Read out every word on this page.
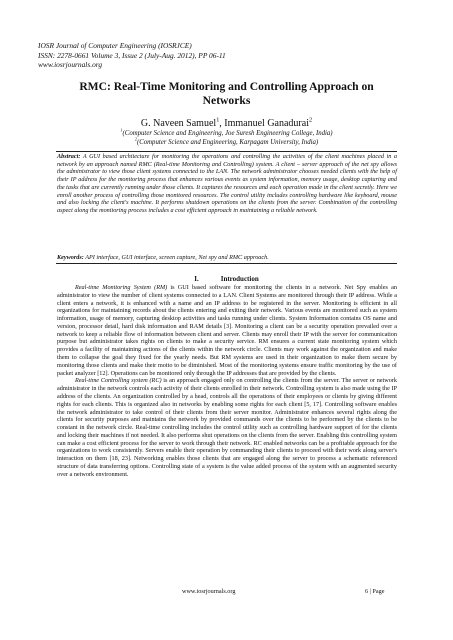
IOSR Journal of Computer Engineering (IOSRJCE)
ISSN: 2278-0661 Volume 3, Issue 2 (July-Aug. 2012), PP 06-11
www.iosrjournals.org
RMC: Real-Time Monitoring and Controlling Approach on
Networks
G. Naveen Samuel$^1$, Immanuel Ganadurai$^2$
$^1$(Computer Science and Engineering, Joe Suresh Engineering College, India)
$^2$(Computer Science and Engineering, Karpagam University, India)
Abstract: A GUI based architecture for monitoring the operations and controlling the activities of the client machines placed in a network by an approach named RMC (Real-time Monitoring and Controlling) system. A client – server approach of the net spy allows the administrator to view those client systems connected to the LAN. The network administrator chooses needed clients with the help of their IP address for the monitoring process that enhances various events as system information, memory usage, desktop capturing and the tasks that are currently running under those clients. It captures the resources and each operation made in the client secretly. Here we enroll another process of controlling those monitored resources. The control utility includes controlling hardware like keyboard, mouse and also locking the client's machine. It performs shutdown operations on the clients from the server. Combination of the controlling aspect along the monitoring process includes a cost efficient approach in maintaining a reliable network.
Keywords: API interface, GUI interface, screen capture, Net spy and RMC approach.
I.	Introduction

Real-time Monitoring System (RM) is GUI based software for monitoring the clients in a network. Net Spy enables an administrator to view the number of client systems connected to a LAN. Client Systems are monitored through their IP address. While a client enters a network, it is enhanced with a name and an IP address to be registered in the server. Monitoring is efficient in all organizations for maintaining records about the clients entering and exiting their network. Various events are monitored such as system information, usage of memory, capturing desktop activities and tasks running under clients. System Information contains OS name and version, processor detail, hard disk information and RAM details [3]. Monitoring a client can be a security operation prevailed over a network to keep a reliable flow of information between client and server. Clients may enroll their IP with the server for communication purpose but administrator takes rights on clients to make a security service. RM ensures a current state monitoring system which provides a facility of maintaining actions of the clients within the network circle. Clients may work against the organization and make them to collapse the goal they fixed for the yearly needs. But RM systems are used in their organization to make them secure by monitoring those clients and make their motto to be diminished. Most of the monitoring systems ensure traffic monitoring by the use of packet analyzer [12]. Operations can be monitored only through the IP addresses that are provided by the clients.

Real-time Controlling system (RC) is an approach engaged only on controlling the clients from the server. The server or network administrator in the network controls each activity of their clients enrolled in their network. Controlling system is also made using the IP address of the clients. An organization controlled by a head, controls all the operations of their employees or clients by giving different rights for each clients. This is organized also in networks by enabling some rights for each client [5, 17]. Controlling software enables the network administrator to take control of their clients from their server monitor. Administrator enhances several rights along the clients for security purposes and maintains the network by provided commands over the clients to be performed by the clients to be constant in the network circle. Real-time controlling includes the control utility such as controlling hardware support of for the clients and locking their machines if not needed. It also performs shut operations on the clients from the server. Enabling this controlling system can make a cost efficient process for the server to work through their network. RC enabled networks can be a profitable approach for the organizations to work consistently. Servers enable their operation by commanding their clients to proceed with their work along server's interaction on them [18, 23]. Networking enables those clients that are engaged along the server to process a schematic referenced structure of data transferring options. Controlling state of a system is the value added process of the system with an augmented security over a network environment.

www.iosrjournals.org	6 | Page
